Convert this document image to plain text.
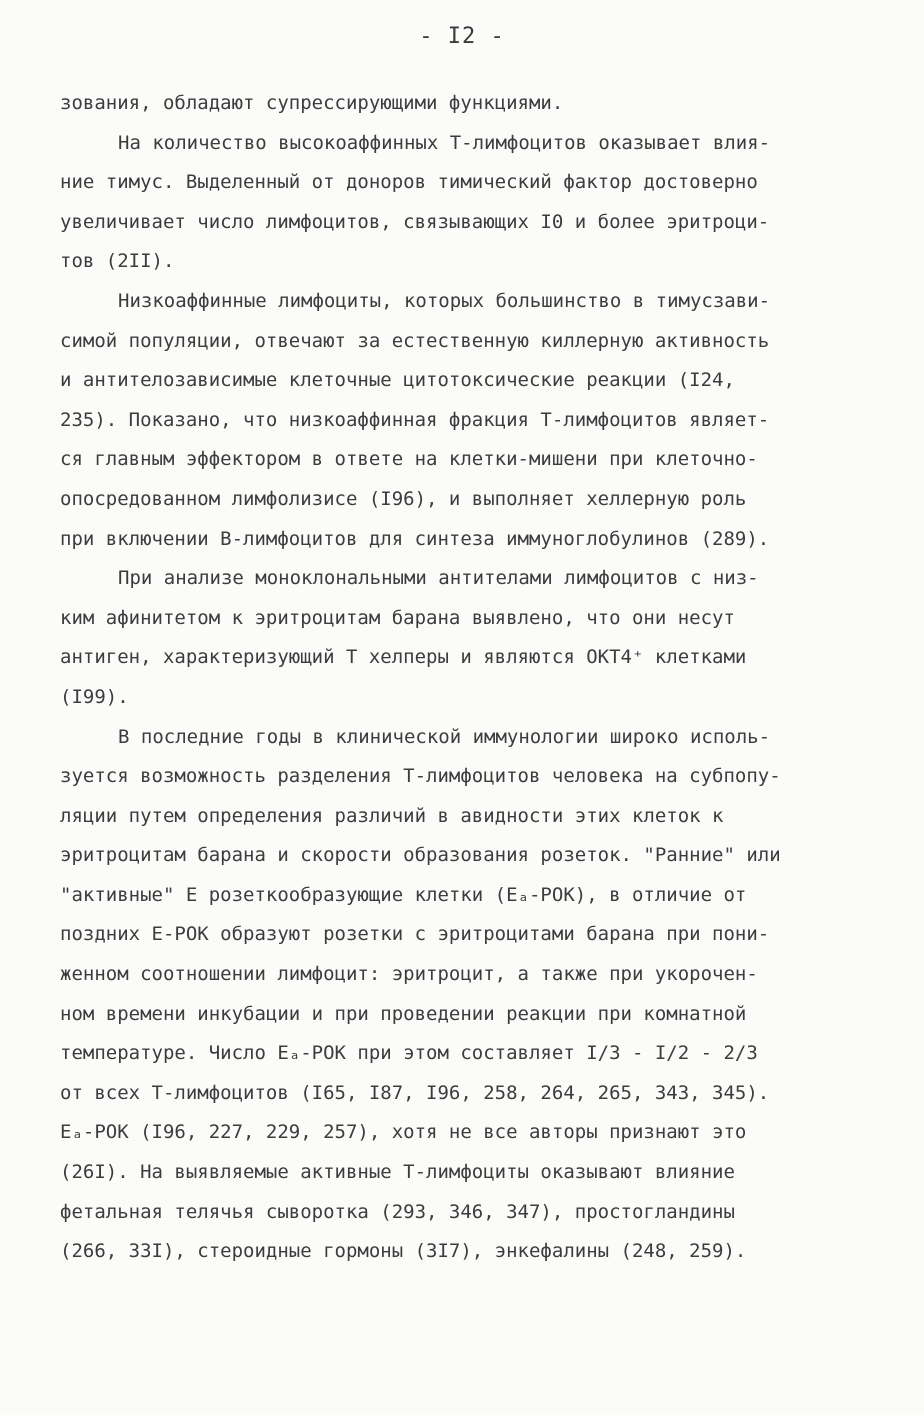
- I2 -
зования, обладают супрессирующими функциями.
На количество высокоаффинных Т-лимфоцитов оказывает влия-
ние тимус. Выделенный от доноров тимический фактор достоверно
увеличивает число лимфоцитов, связывающих I0 и более эритроци-
тов (2II).
Низкоаффинные лимфоциты, которых большинство в тимусзави-
симой популяции, отвечают за естественную киллерную активность
и антителозависимые клеточные цитотоксические реакции (I24,
235). Показано, что низкоаффинная фракция Т-лимфоцитов являет-
ся главным эффектором в ответе на клетки-мишени при клеточно-
опосредованном лимфолизисе (I96), и выполняет хеллерную роль
при включении В-лимфоцитов для синтеза иммуноглобулинов (289).
При анализе моноклональными антителами лимфоцитов с низ-
ким афинитетом к эритроцитам барана выявлено, что они несут
антиген, характеризующий Т хелперы и являются ОКТ4⁺ клетками
(I99).
В последние годы в клинической иммунологии широко исполь-
зуется возможность разделения Т-лимфоцитов человека на субпопу-
ляции путем определения различий в авидности этих клеток к
эритроцитам барана и скорости образования розеток. "Ранние" или
"активные" Е розеткообразующие клетки (Еₐ-РОК), в отличие от
поздних Е-РОК образуют розетки с эритроцитами барана при пони-
женном соотношении лимфоцит: эритроцит, а также при укорочен-
ном времени инкубации и при проведении реакции при комнатной
температуре. Число Еₐ-РОК при этом составляет I/3 - I/2 - 2/3
от всех Т-лимфоцитов (I65, I87, I96, 258, 264, 265, 343, 345).
Еₐ-РОК (I96, 227, 229, 257), хотя не все авторы признают это
(26I). На выявляемые активные Т-лимфоциты оказывают влияние
фетальная телячья сыворотка (293, 346, 347), простогландины
(266, 33I), стероидные гормоны (3I7), энкефалины (248, 259).
